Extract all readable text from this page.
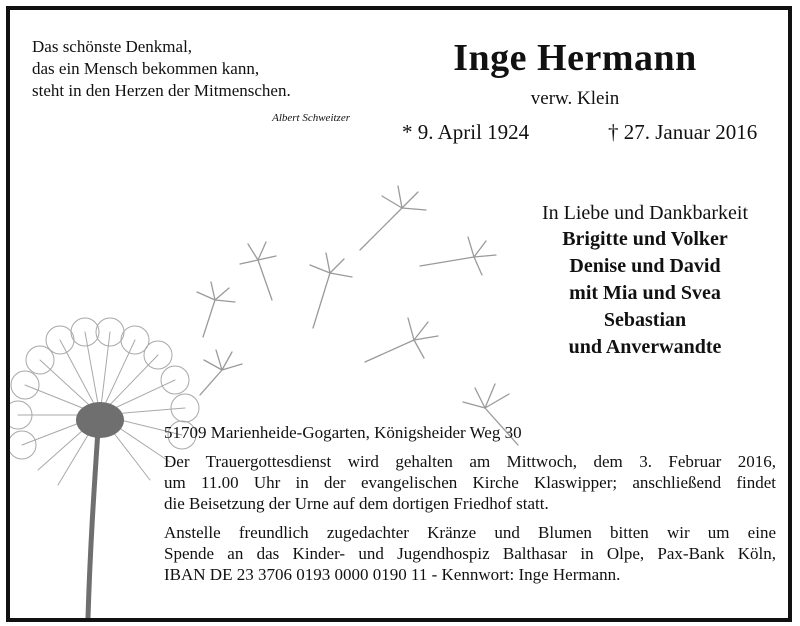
Das schönste Denkmal,
das ein Mensch bekommen kann,
steht in den Herzen der Mitmenschen.
Albert Schweitzer
Inge Hermann
verw. Klein
* 9. April 1924	† 27. Januar 2016
In Liebe und Dankbarkeit
Brigitte und Volker
Denise und David
mit Mia und Svea
Sebastian
und Anverwandte
51709 Marienheide-Gogarten, Königsheider Weg 30
Der Trauergottesdienst wird gehalten am Mittwoch, dem 3. Februar 2016,
um 11.00 Uhr in der evangelischen Kirche Klaswipper; anschließend findet
die Beisetzung der Urne auf dem dortigen Friedhof statt.
Anstelle freundlich zugedachter Kränze und Blumen bitten wir um eine
Spende an das Kinder- und Jugendhospiz Balthasar in Olpe, Pax-Bank Köln,
IBAN DE 23 3706 0193 0000 0190 11 - Kennwort: Inge Hermann.
